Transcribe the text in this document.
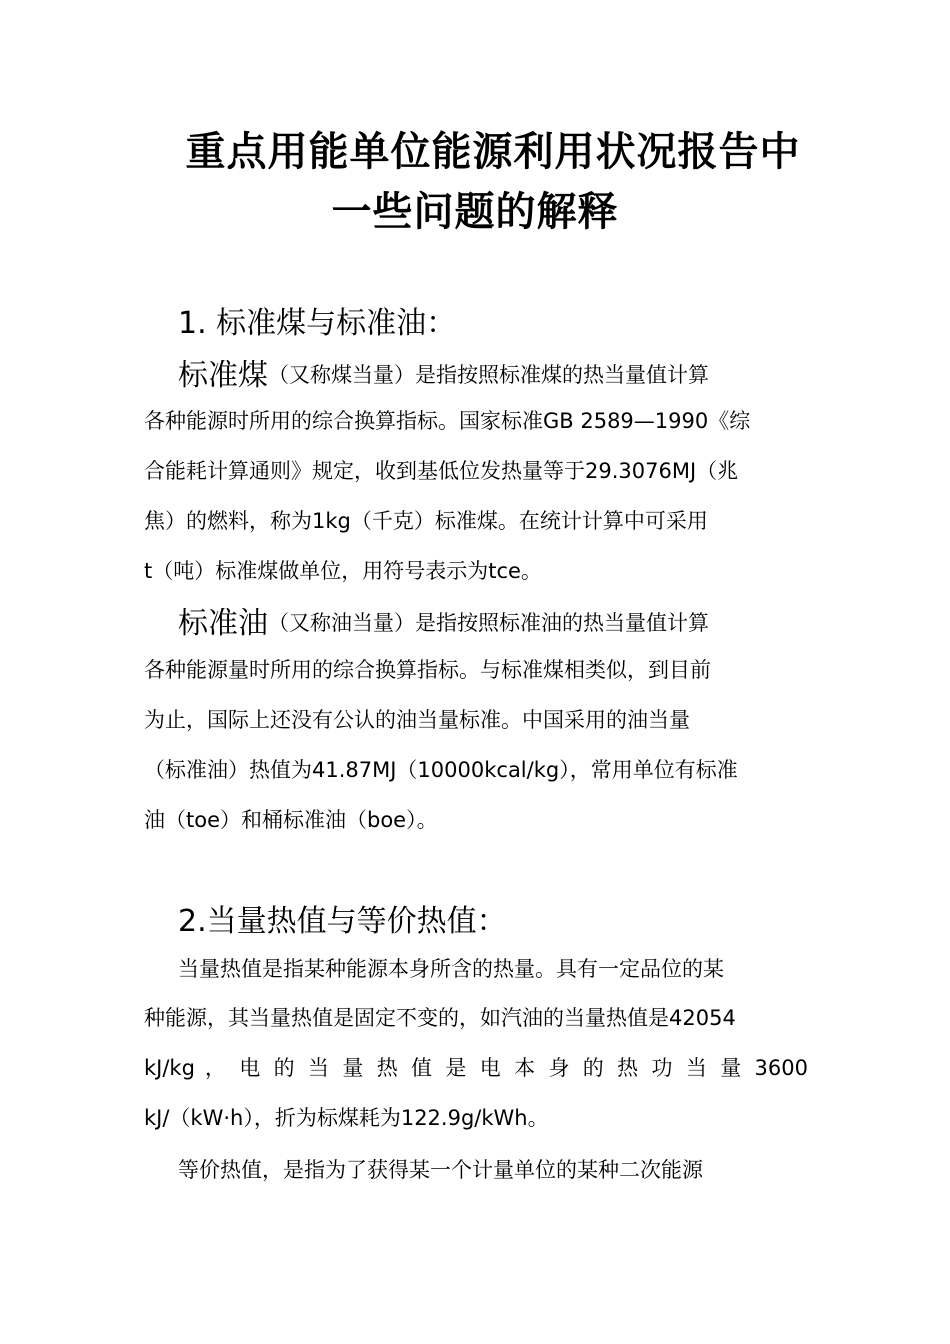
重点用能单位能源利用状况报告中
一些问题的解释
1. 标准煤与标准油：
标准煤（又称煤当量）是指按照标准煤的热当量值计算
各种能源时所用的综合换算指标。国家标准GB 2589—1990《综
合能耗计算通则》规定，收到基低位发热量等于29.3076MJ（兆
焦）的燃料，称为1kg（千克）标准煤。在统计计算中可采用
t（吨）标准煤做单位，用符号表示为tce。
标准油（又称油当量）是指按照标准油的热当量值计算
各种能源量时所用的综合换算指标。与标准煤相类似，到目前
为止，国际上还没有公认的油当量标准。中国采用的油当量
（标准油）热值为41.87MJ（10000kcal/kg），常用单位有标准
油（toe）和桶标准油（boe）。
2.当量热值与等价热值：
当量热值是指某种能源本身所含的热量。具有一定品位的某
种能源，其当量热值是固定不变的，如汽油的当量热值是42054
kJ/kg ， 电 的 当 量 热 值 是 电 本 身 的 热 功 当 量 3600
kJ/（kW·h），折为标煤耗为122.9g/kWh。
等价热值，是指为了获得某一个计量单位的某种二次能源
